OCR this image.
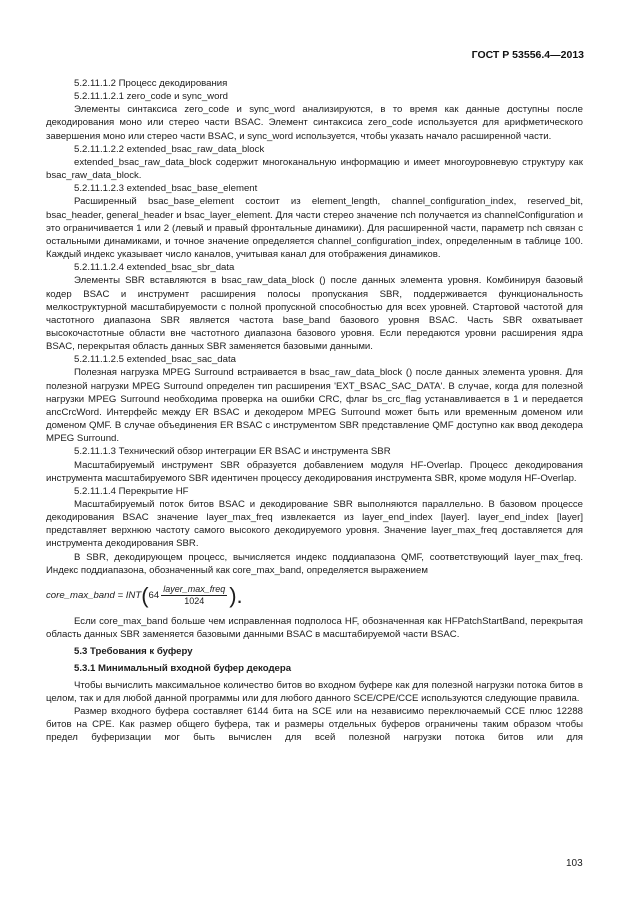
ГОСТ Р 53556.4—2013

5.2.11.1.2 Процесс декодирования

5.2.11.1.2.1 zero_code и sync_word

Элементы синтаксиса zero_code и sync_word анализируются, в то время как данные доступны после декодирования моно или стерео части BSAC. Элемент синтаксиса zero_code используется для арифметического завершения моно или стерео части BSAC, и sync_word используется, чтобы указать начало расширенной части.

5.2.11.1.2.2 extended_bsac_raw_data_block

extended_bsac_raw_data_block содержит многоканальную информацию и имеет многоуровневую структуру как bsac_raw_data_block.

5.2.11.1.2.3 extended_bsac_base_element

Расширенный bsac_base_element состоит из element_length, channel_configuration_index, reserved_bit, bsac_header, general_header и bsac_layer_element. Для части стерео значение nch получается из channelConfiguration и это ограничивается 1 или 2 (левый и правый фронтальные динамики). Для расширенной части, параметр nch связан с остальными динамиками, и точное значение определяется channel_configuration_index, определенным в таблице 100. Каждый индекс указывает число каналов, учитывая канал для отображения динамиков.

5.2.11.1.2.4 extended_bsac_sbr_data

Элементы SBR вставляются в bsac_raw_data_block () после данных элемента уровня. Комбинируя базовый кодер BSAC и инструмент расширения полосы пропускания SBR, поддерживается функциональность мелкоструктурной масштабируемости с полной пропускной способностью для всех уровней. Стартовой частотой для частотного диапазона SBR является частота base_band базового уровня BSAC. Часть SBR охватывает высокочастотные области вне частотного диапазона базового уровня. Если передаются уровни расширения ядра BSAC, перекрытая область данных SBR заменяется базовыми данными.

5.2.11.1.2.5 extended_bsac_sac_data

Полезная нагрузка MPEG Surround встраивается в bsac_raw_data_block () после данных элемента уровня. Для полезной нагрузки MPEG Surround определен тип расширения 'EXT_BSAC_SAC_DATA'. В случае, когда для полезной нагрузки MPEG Surround необходима проверка на ошибки CRC, флаг bs_crc_flag устанавливается в 1 и передается ancCrcWord. Интерфейс между ER BSAC и декодером MPEG Surround может быть или временным доменом или доменом QMF. В случае объединения ER BSAC с инструментом SBR представление QMF доступно как ввод декодера MPEG Surround.

5.2.11.1.3 Технический обзор интеграции ER BSAC и инструмента SBR

Масштабируемый инструмент SBR образуется добавлением модуля HF-Overlap. Процесс декодирования инструмента масштабируемого SBR идентичен процессу декодирования инструмента SBR, кроме модуля HF-Overlap.

5.2.11.1.4 Перекрытие HF

Масштабируемый поток битов BSAC и декодирование SBR выполняются параллельно. В базовом процессе декодирования BSAC значение layer_max_freq извлекается из layer_end_index [layer]. layer_end_index [layer] представляет верхнюю частоту самого высокого декодируемого уровня. Значение layer_max_freq доставляется для инструмента декодирования SBR.

В SBR, декодирующем процесс, вычисляется индекс поддиапазона QMF, соответствующий layer_max_freq. Индекс поддиапазона, обозначенный как core_max_band, определяется выражением

core_max_band = INT ( $64 \frac{\text{layer\_max\_freq}}{1024}$ ).

Если core_max_band больше чем исправленная подполоса HF, обозначенная как HFPatchStartBand, перекрытая область данных SBR заменяется базовыми данными BSAC в масштабируемой части BSAC.

5.3 Требования к буферу

5.3.1 Минимальный входной буфер декодера

Чтобы вычислить максимальное количество битов во входном буфере как для полезной нагрузки потока битов в целом, так и для любой данной программы или для любого данного SCE/CPE/CCE используются следующие правила.

Размер входного буфера составляет 6144 бита на SCE или на независимо переключаемый CCE плюс 12288 битов на CPE. Как размер общего буфера, так и размеры отдельных буферов ограничены таким образом чтобы предел буферизации мог быть вычислен для всей полезной нагрузки потока битов или для

103
